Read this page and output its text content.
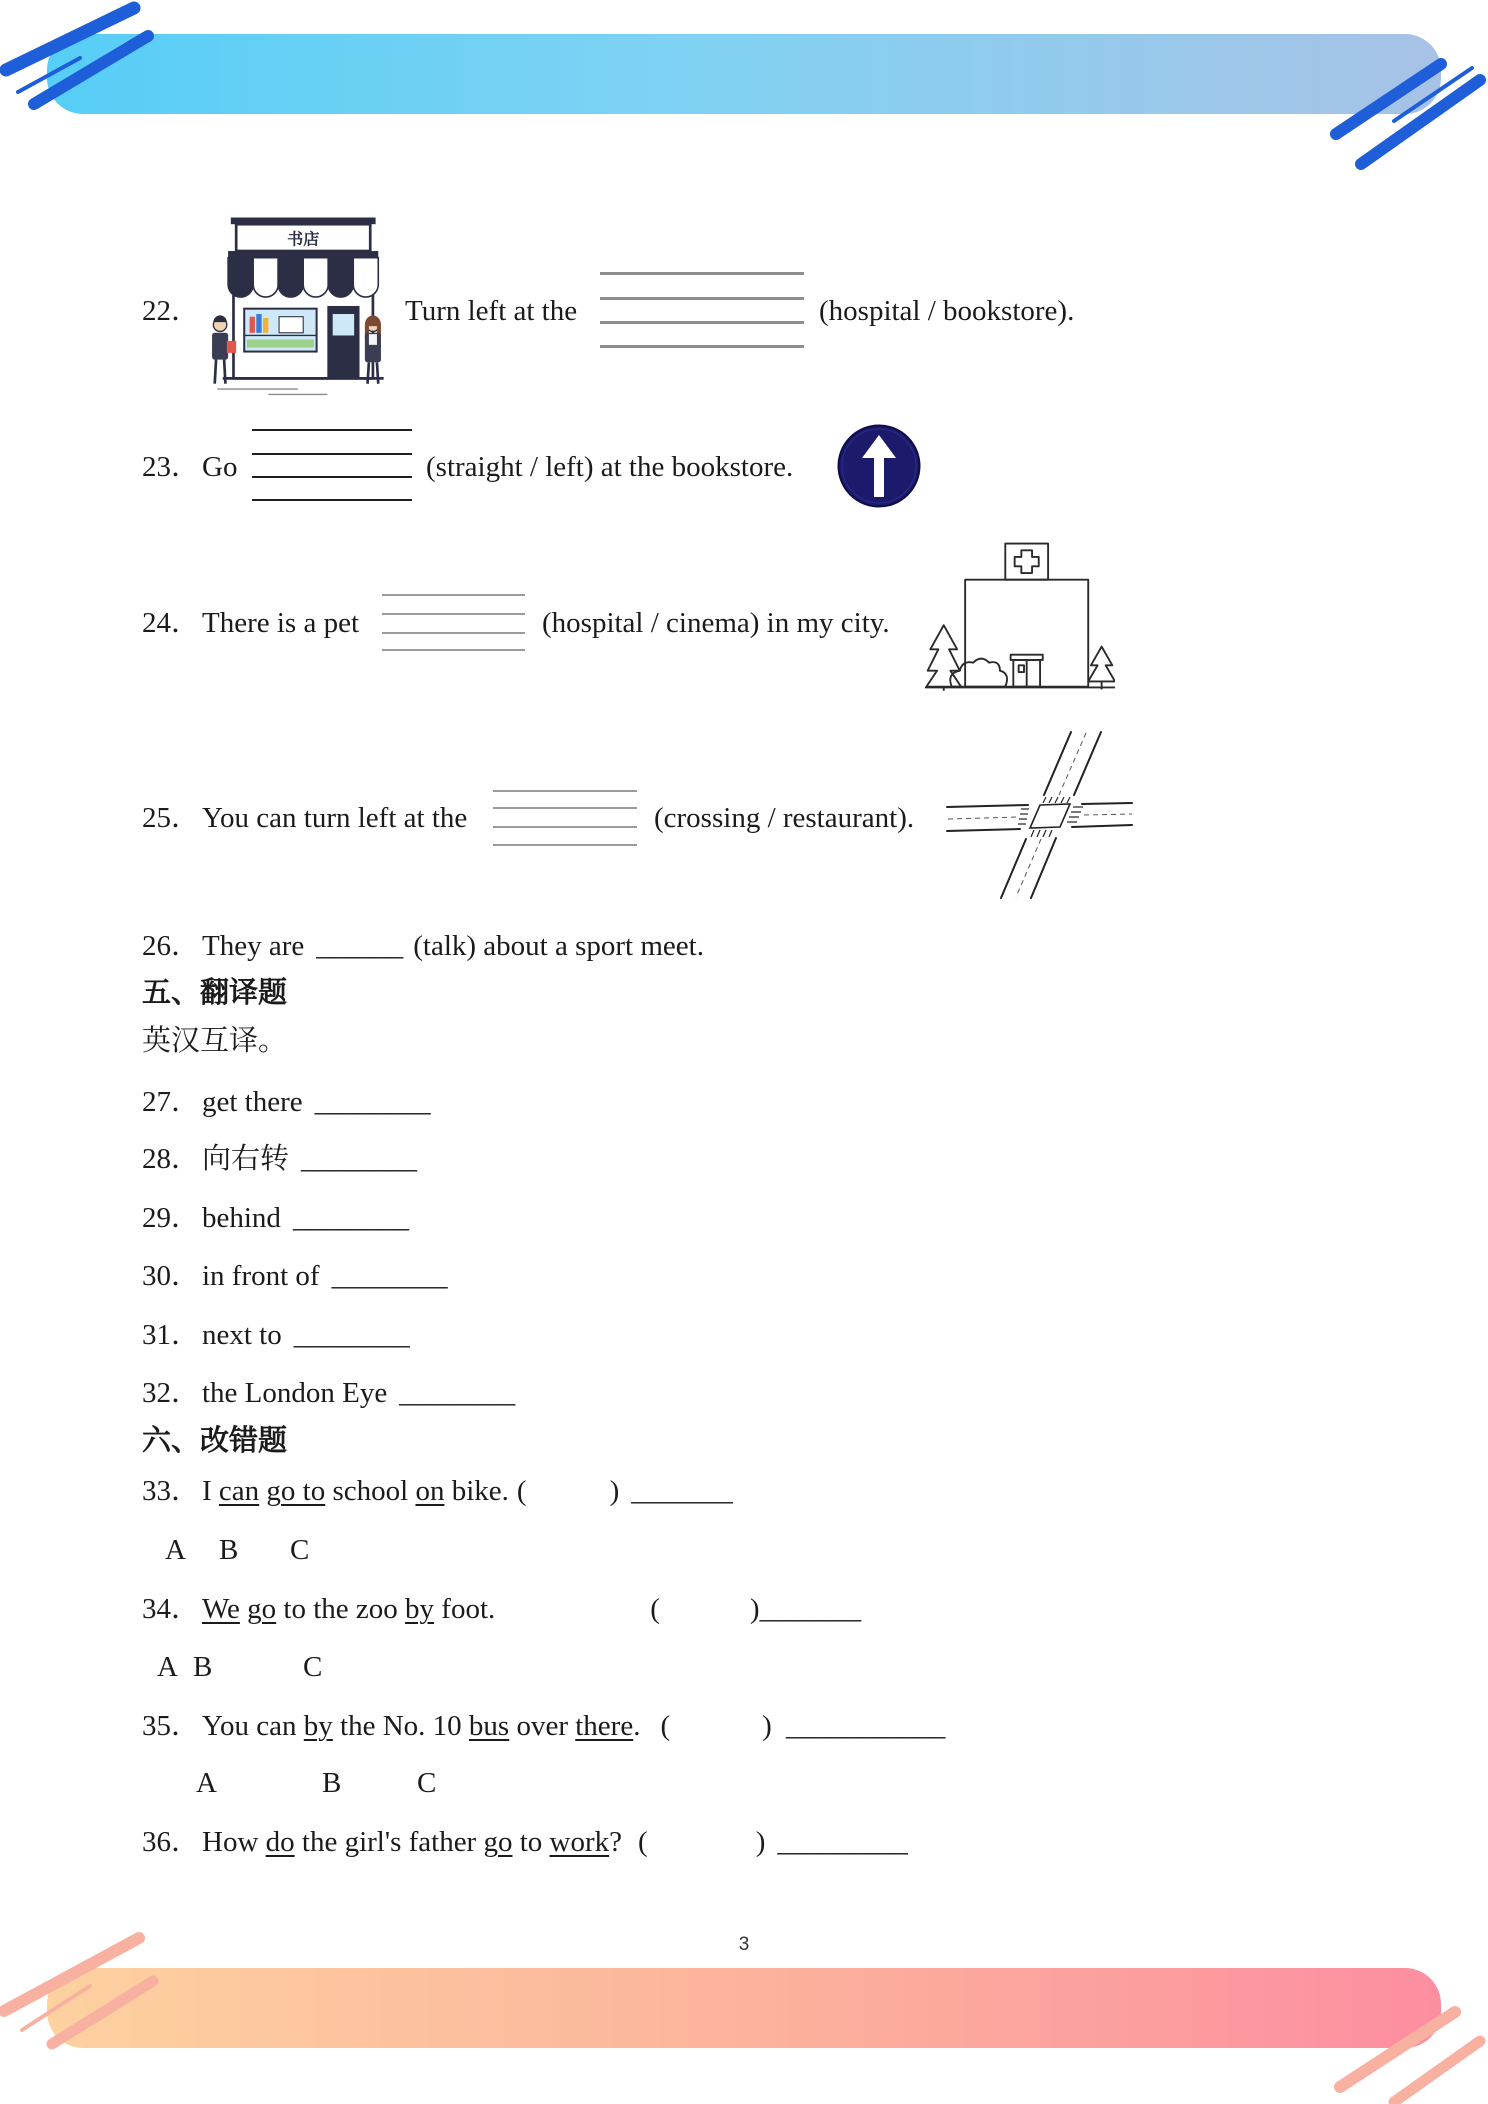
22．	Turn left at the	(hospital / bookstore).
书店
23． Go	(straight / left) at the bookstore.
24． There is a pet	(hospital / cinema) in my city.
25． You can turn left at the	(crossing / restaurant).
26．They are ______ (talk) about a sport meet.
五、翻译题
英汉互译。
27．get there ________
28．向右转 ________
29．behind ________
30．in front of ________
31．next to ________
32．the London Eye ________
六、改错题
33．I can go to school on bike. (	) _______
A B C
34．We go to the zoo by foot.	(	)_______
A B	C
35．You can by the No. 10 bus over there. (	) ___________
A	B	C
36．How do the girl's father go to work? (	) _________
3
